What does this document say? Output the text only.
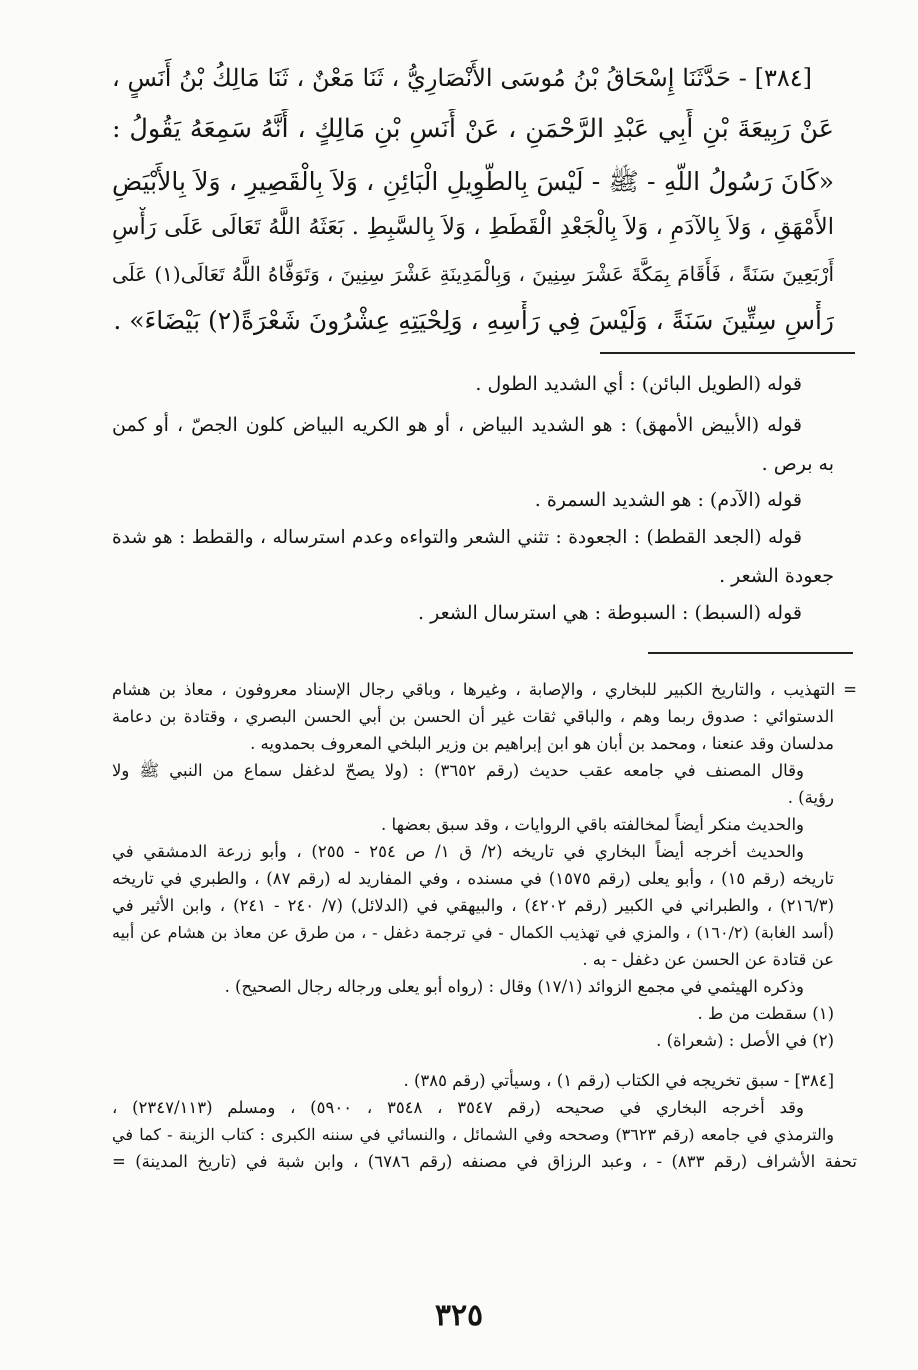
[٣٨٤] - حَدَّثَنَا إِسْحَاقُ بْنُ مُوسَى الأَنْصَارِيُّ ، ثَنَا مَعْنٌ ، ثَنَا مَالِكُ بْنُ أَنَسٍ ،
عَنْ رَبِيعَةَ بْنِ أَبِي عَبْدِ الرَّحْمَنِ ، عَنْ أَنَسِ بْنِ مَالِكٍ ، أَنَّهُ سَمِعَهُ يَقُولُ :
«كَانَ رَسُولُ اللَّهِ - ﷺ - لَيْسَ بِالطَّوِيلِ الْبَائِنِ ، وَلاَ بِالْقَصِيرِ ، وَلاَ بِالأَبْيَضِ
الأَمْهَقِ ، وَلاَ بِالآدَمِ ، وَلاَ بِالْجَعْدِ الْقَطَطِ ، وَلاَ بِالسَّبِطِ . بَعَثَهُ اللَّهُ تَعَالَى عَلَى رَأْسِ
أَرْبَعِينَ سَنَةً ، فَأَقَامَ بِمَكَّةَ عَشْرَ سِنِينَ ، وَبِالْمَدِينَةِ عَشْرَ سِنِينَ ، وَتَوَفَّاهُ اللَّهُ تَعَالَى(١) عَلَى
رَأْسِ سِتِّينَ سَنَةً ، وَلَيْسَ فِي رَأْسِهِ ، وَلِحْيَتِهِ عِشْرُونَ شَعْرَةً(٢) بَيْضَاءَ» .
قوله (الطويل البائن) : أي الشديد الطول .
قوله (الأبيض الأمهق) : هو الشديد البياض ، أو هو الكريه البياض كلون الجصّ ، أو كمن
به برص .
قوله (الآدم) : هو الشديد السمرة .
قوله (الجعد القطط) : الجعودة : تثني الشعر والتواءه وعدم استرساله ، والقطط : هو شدة
جعودة الشعر .
قوله (السبط) : السبوطة : هي استرسال الشعر .
= التهذيب ، والتاريخ الكبير للبخاري ، والإصابة ، وغيرها ، وباقي رجال الإسناد معروفون ، معاذ بن هشام
الدستوائي : صدوق ربما وهم ، والباقي ثقات غير أن الحسن بن أبي الحسن البصري ، وقتادة بن دعامة
مدلسان وقد عنعنا ، ومحمد بن أبان هو ابن إبراهيم بن وزير البلخي المعروف بحمدويه .
وقال المصنف في جامعه عقب حديث (رقم ٣٦٥٢) : (ولا يصحّ لدغفل سماع من النبي ﷺ ولا
رؤية) .
والحديث منكر أيضاً لمخالفته باقي الروايات ، وقد سبق بعضها .
والحديث أخرجه أيضاً البخاري في تاريخه (٢/ ق ١/ ص ٢٥٤ - ٢٥٥) ، وأبو زرعة الدمشقي في
تاريخه (رقم ١٥) ، وأبو يعلى (رقم ١٥٧٥) في مسنده ، وفي المفاريد له (رقم ٨٧) ، والطبري في تاريخه
(٢١٦/٣) ، والطبراني في الكبير (رقم ٤٢٠٢) ، والبيهقي في (الدلائل) (٧/ ٢٤٠ - ٢٤١) ، وابن الأثير في
(أسد الغابة) (١٦٠/٢) ، والمزي في تهذيب الكمال - في ترجمة دغفل - ، من طرق عن معاذ بن هشام عن أبيه
عن قتادة عن الحسن عن دغفل - به .
وذكره الهيثمي في مجمع الزوائد (١٧/١) وقال : (رواه أبو يعلى ورجاله رجال الصحيح) .
(١) سقطت من ط .
(٢) في الأصل : (شعراة) .
[٣٨٤] - سبق تخريجه في الكتاب (رقم ١) ، وسيأتي (رقم ٣٨٥) .
وقد أخرجه البخاري في صحيحه (رقم ٣٥٤٧ ، ٣٥٤٨ ، ٥٩٠٠) ، ومسلم (٢٣٤٧/١١٣) ،
والترمذي في جامعه (رقم ٣٦٢٣) وصححه وفي الشمائل ، والنسائي في سننه الكبرى : كتاب الزينة - كما في
تحفة الأشراف (رقم ٨٣٣) - ، وعبد الرزاق في مصنفه (رقم ٦٧٨٦) ، وابن شبة في (تاريخ المدينة) =
٣٢٥
